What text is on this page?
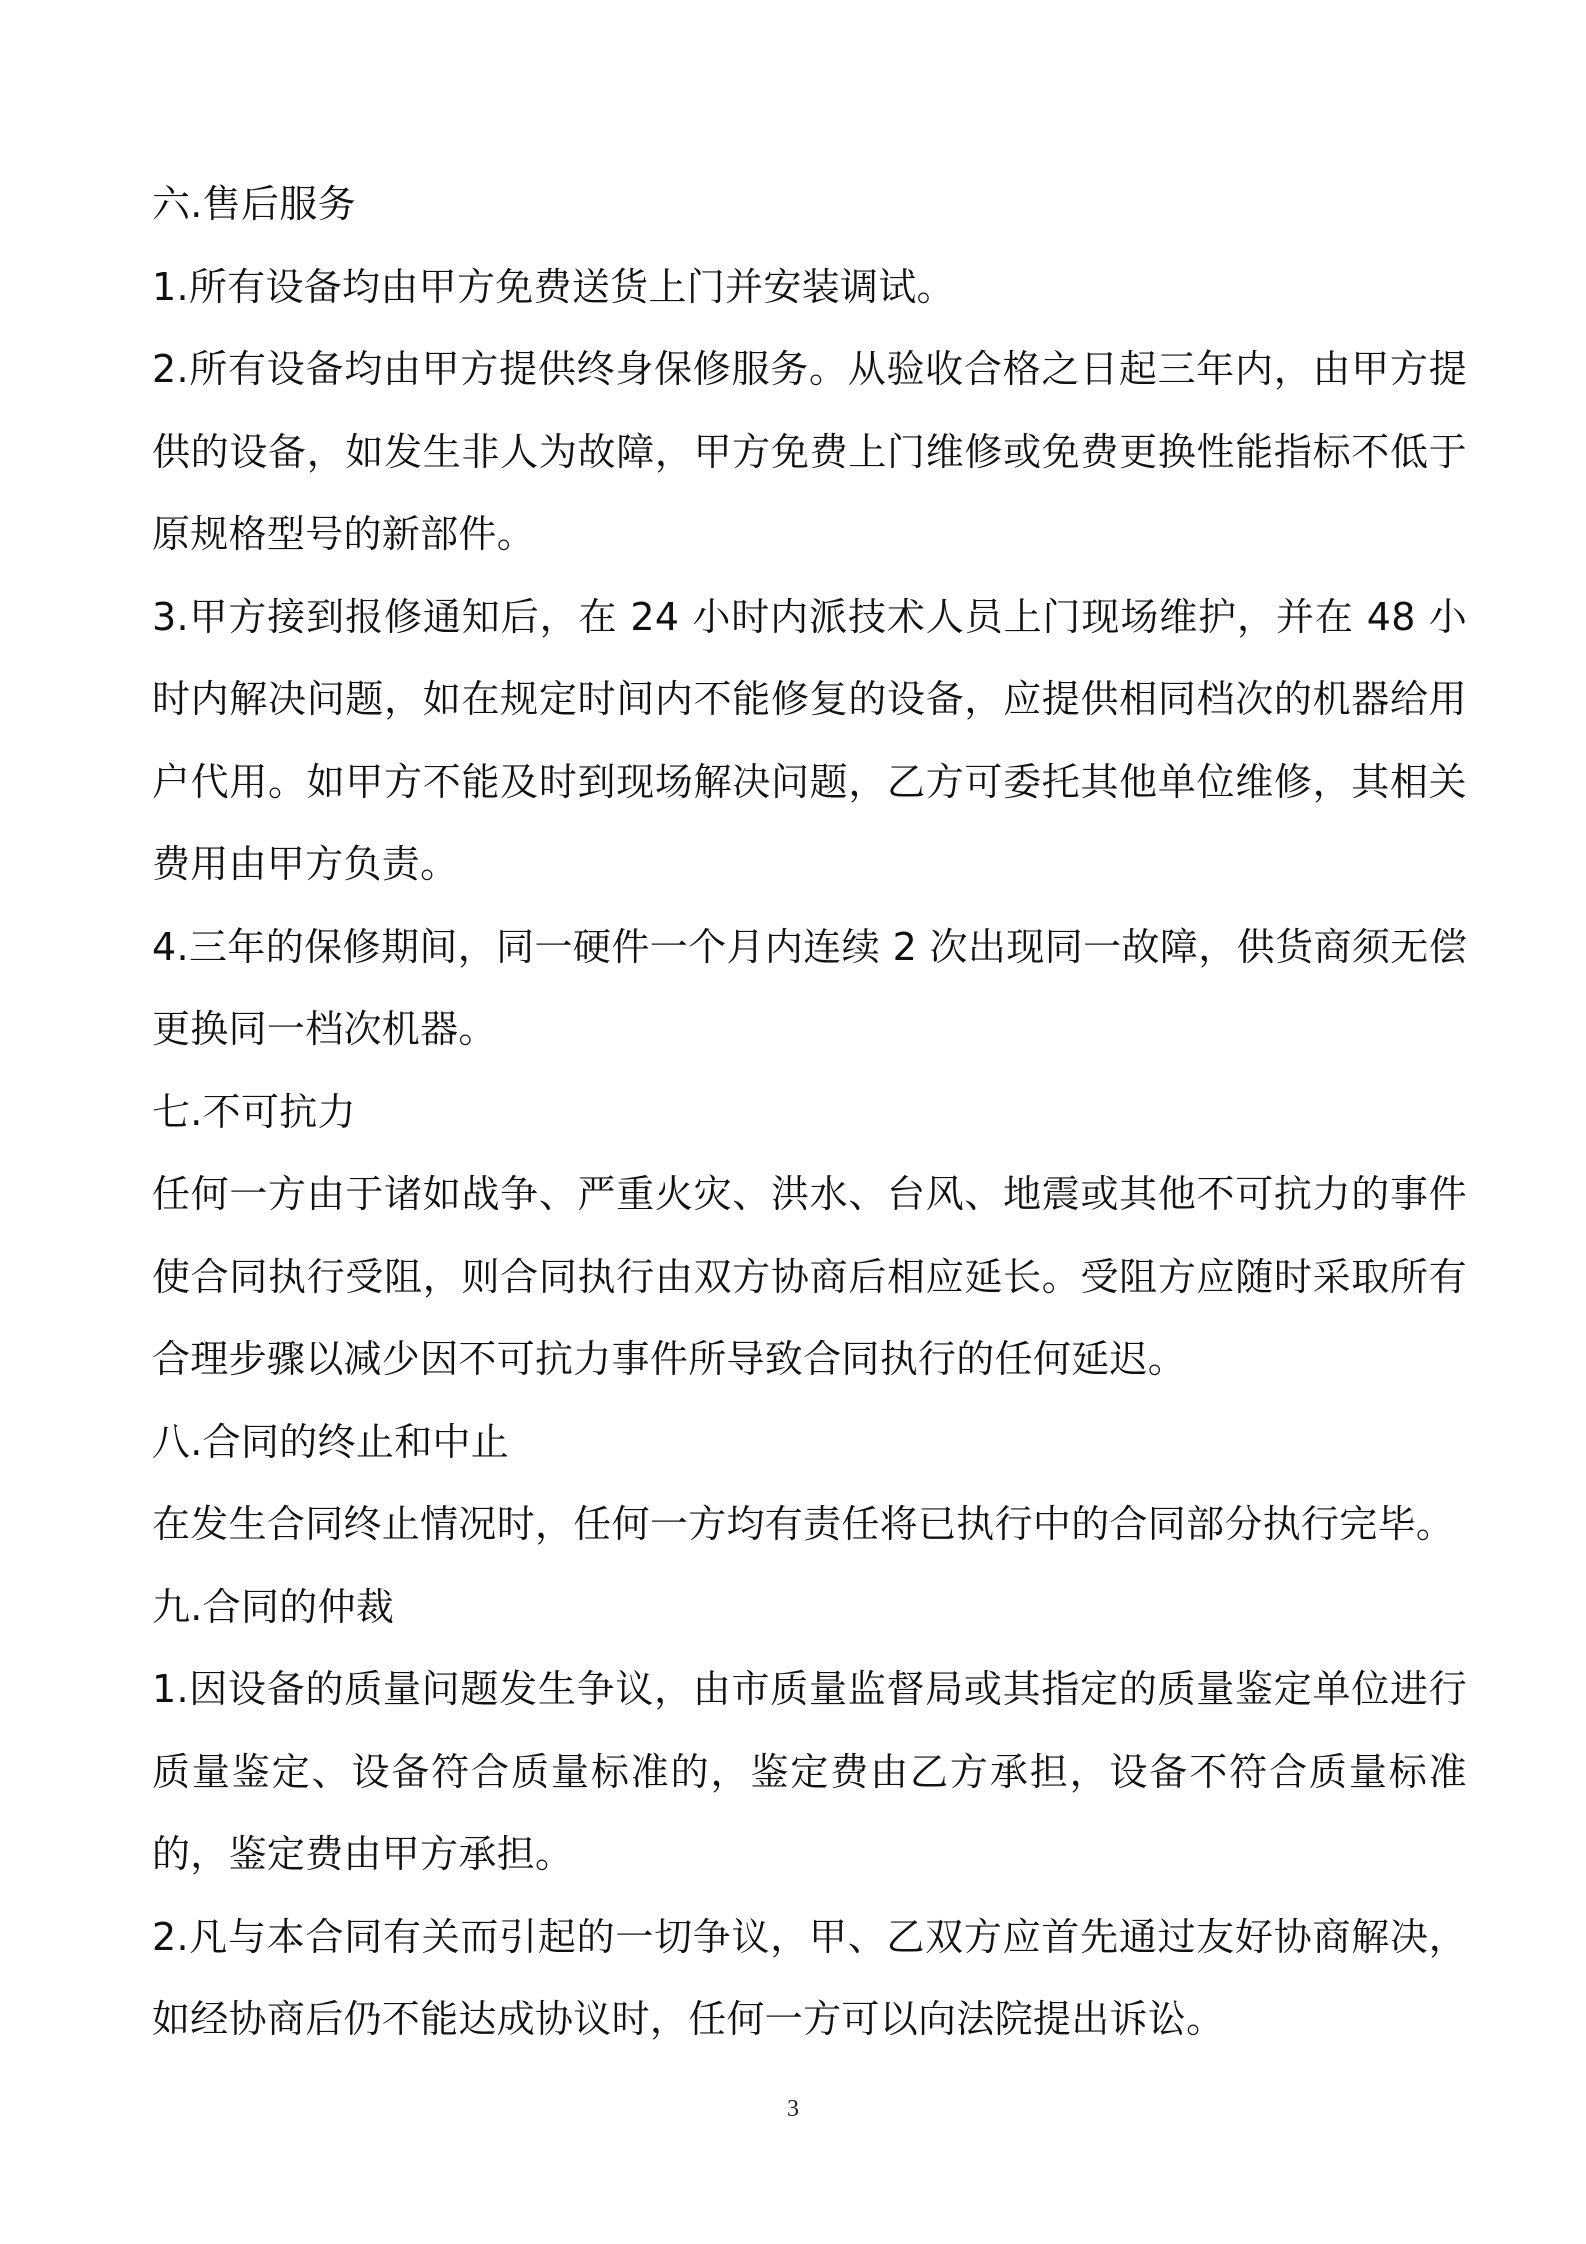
六.售后服务

1.所有设备均由甲方免费送货上门并安装调试。

2.所有设备均由甲方提供终身保修服务。从验收合格之日起三年内，由甲方提供的设备，如发生非人为故障，甲方免费上门维修或免费更换性能指标不低于原规格型号的新部件。

3.甲方接到报修通知后，在 24 小时内派技术人员上门现场维护，并在 48 小时内解决问题，如在规定时间内不能修复的设备，应提供相同档次的机器给用户代用。如甲方不能及时到现场解决问题，乙方可委托其他单位维修，其相关费用由甲方负责。

4.三年的保修期间，同一硬件一个月内连续 2 次出现同一故障，供货商须无偿更换同一档次机器。

七.不可抗力

任何一方由于诸如战争、严重火灾、洪水、台风、地震或其他不可抗力的事件使合同执行受阻，则合同执行由双方协商后相应延长。受阻方应随时采取所有合理步骤以减少因不可抗力事件所导致合同执行的任何延迟。

八.合同的终止和中止

在发生合同终止情况时，任何一方均有责任将已执行中的合同部分执行完毕。

九.合同的仲裁

1.因设备的质量问题发生争议，由市质量监督局或其指定的质量鉴定单位进行质量鉴定、设备符合质量标准的，鉴定费由乙方承担，设备不符合质量标准的，鉴定费由甲方承担。

2.凡与本合同有关而引起的一切争议，甲、乙双方应首先通过友好协商解决，如经协商后仍不能达成协议时，任何一方可以向法院提出诉讼。

3
